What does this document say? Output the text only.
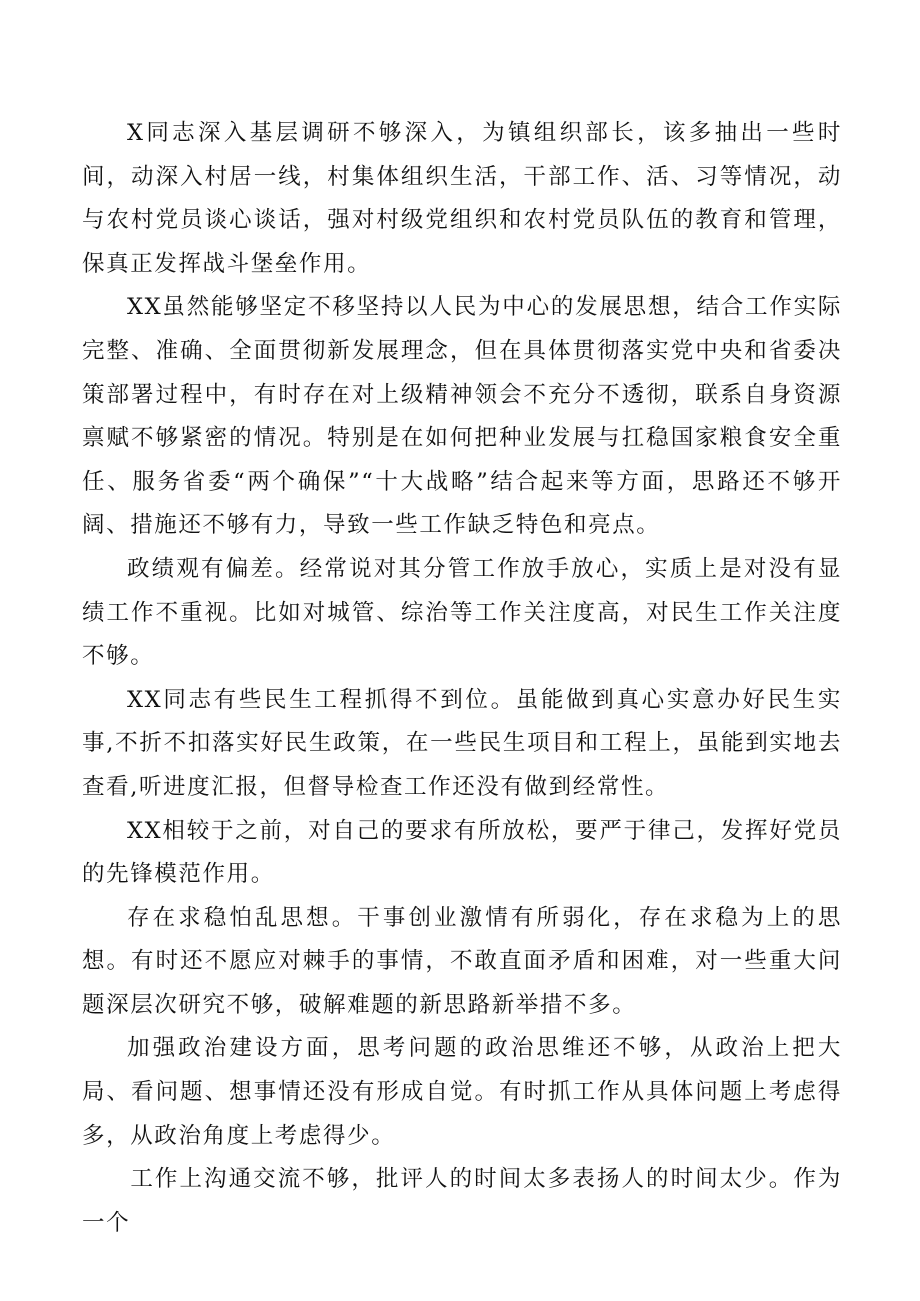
X同志深入基层调研不够深入，为镇组织部长，该多抽出一些时间，动深入村居一线，村集体组织生活，干部工作、活、习等情况，动与农村党员谈心谈话，强对村级党组织和农村党员队伍的教育和管理，保真正发挥战斗堡垒作用。

XX虽然能够坚定不移坚持以人民为中心的发展思想，结合工作实际完整、准确、全面贯彻新发展理念，但在具体贯彻落实党中央和省委决策部署过程中，有时存在对上级精神领会不充分不透彻，联系自身资源禀赋不够紧密的情况。特别是在如何把种业发展与扛稳国家粮食安全重任、服务省委“两个确保”“十大战略”结合起来等方面，思路还不够开阔、措施还不够有力，导致一些工作缺乏特色和亮点。

政绩观有偏差。经常说对其分管工作放手放心，实质上是对没有显绩工作不重视。比如对城管、综治等工作关注度高，对民生工作关注度不够。

XX同志有些民生工程抓得不到位。虽能做到真心实意办好民生实事,不折不扣落实好民生政策，在一些民生项目和工程上，虽能到实地去查看,听进度汇报，但督导检查工作还没有做到经常性。

XX相较于之前，对自己的要求有所放松，要严于律己，发挥好党员的先锋模范作用。

存在求稳怕乱思想。干事创业激情有所弱化，存在求稳为上的思想。有时还不愿应对棘手的事情，不敢直面矛盾和困难，对一些重大问题深层次研究不够，破解难题的新思路新举措不多。

加强政治建设方面，思考问题的政治思维还不够，从政治上把大局、看问题、想事情还没有形成自觉。有时抓工作从具体问题上考虑得多，从政治角度上考虑得少。

工作上沟通交流不够，批评人的时间太多表扬人的时间太少。作为一个
